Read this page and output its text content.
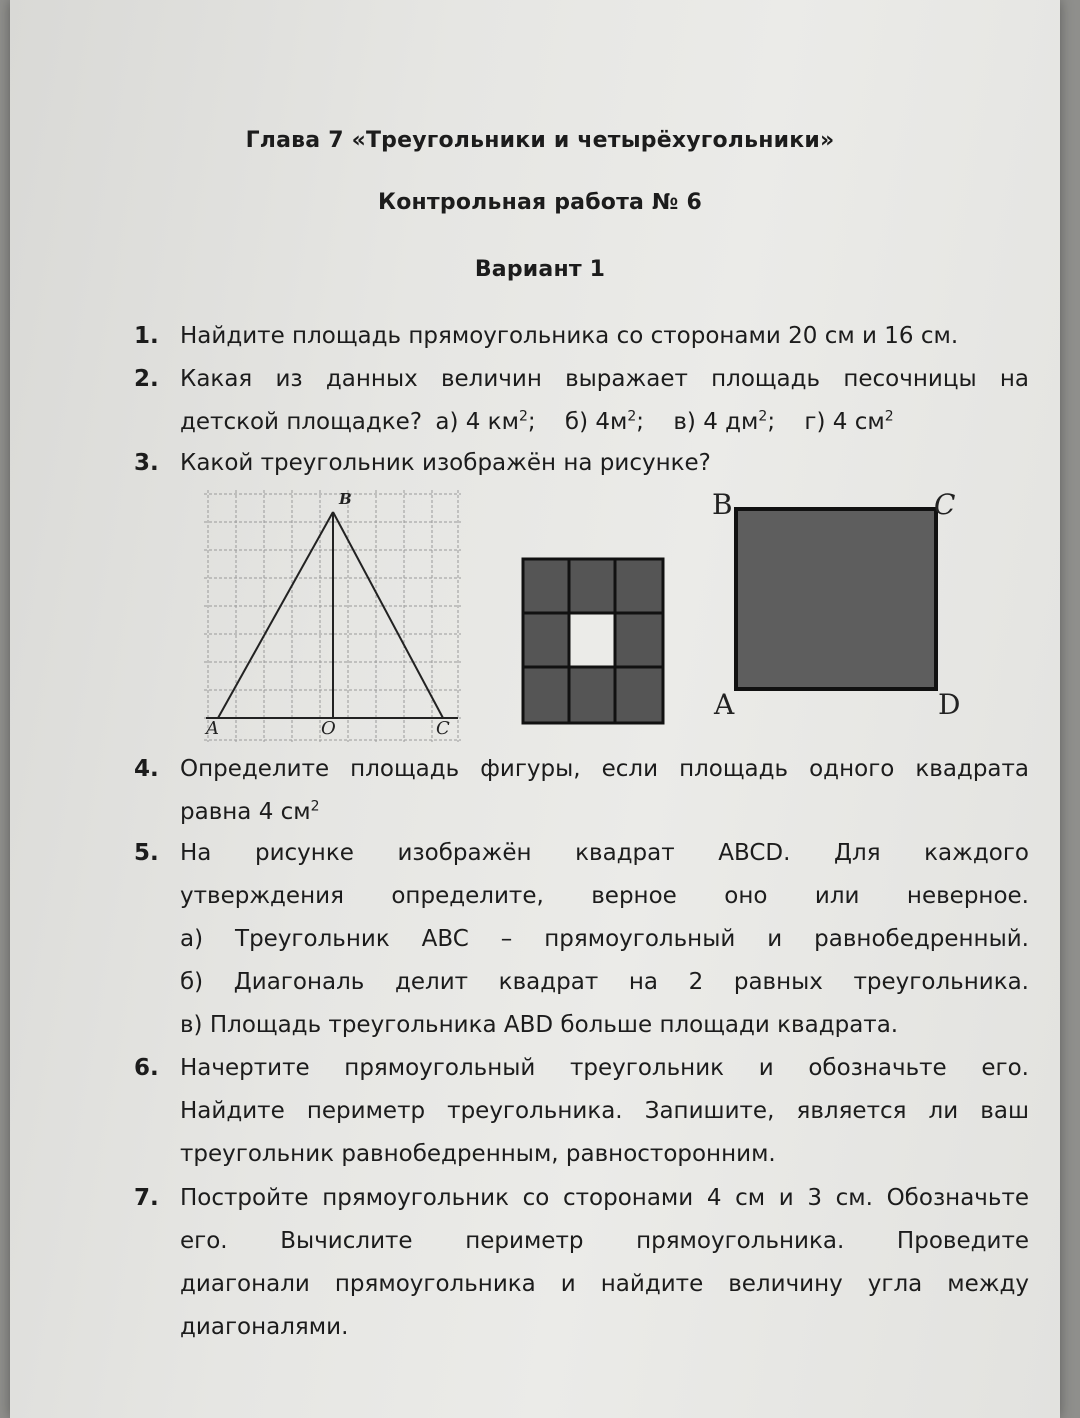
Глава 7 «Треугольники и четырёхугольники»
Контрольная работа № 6
Вариант 1
1. Найдите площадь прямоугольника со сторонами 20 см и 16 см.
2. Какая из данных величин выражает площадь песочницы на
детской площадке? а) 4 $км^2$; б) $4м^2$; в) 4 $дм^2$; г) 4 $см^2$
3. Какой треугольник изображён на рисунке?
B
A	O	C
B	C
A	D
4. Определите площадь фигуры, если площадь одного квадрата
равна 4 $см^2$
5. На рисунке изображён квадрат ABCD. Для каждого
утверждения определите, верное оно или неверное.
а) Треугольник ABC – прямоугольный и равнобедренный.
б) Диагональ делит квадрат на 2 равных треугольника.
в) Площадь треугольника ABD больше площади квадрата.
6. Начертите прямоугольный треугольник и обозначьте его.
Найдите периметр треугольника. Запишите, является ли ваш
треугольник равнобедренным, равносторонним.
7. Постройте прямоугольник со сторонами 4 см и 3 см. Обозначьте
его. Вычислите периметр прямоугольника. Проведите
диагонали прямоугольника и найдите величину угла между
диагоналями.
